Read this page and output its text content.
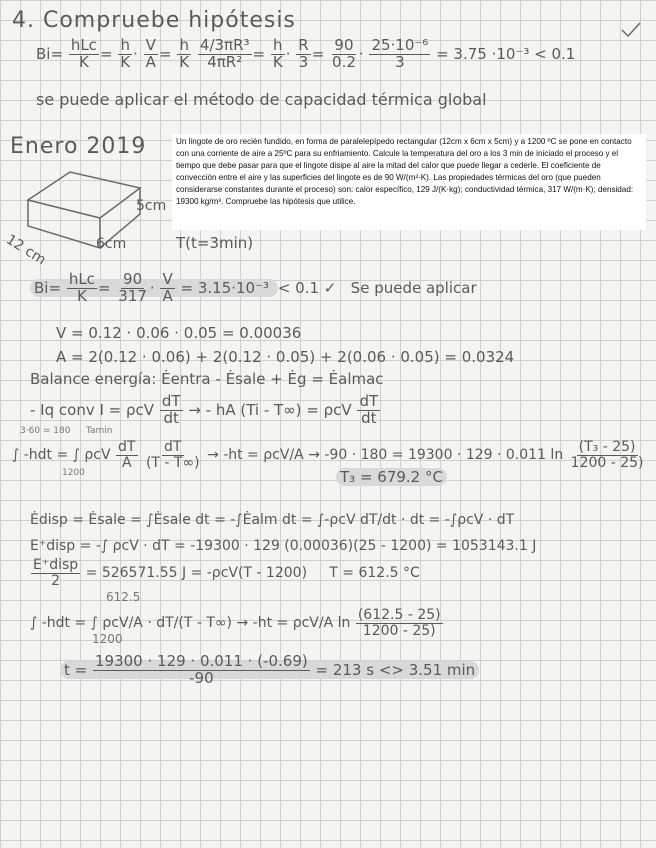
4. Compruebe hipótesis
$Bi= \frac{\text{hLc}}{K} = \frac{h}{K} \cdot \frac{V}{A} = \frac{h}{K}$
$\frac{\text{4/3πR³}}{\text{4πR²}} = \frac{h}{K} \cdot \frac{R}{3} = \frac{90}{0.2} \cdot \frac{\text{25·10⁻⁶}}{3} = 3.75 \cdot 10^{-3} < 0.1$
se puede aplicar el método de capacidad térmica global
Enero 2019	Un lingote de oro recién fundido, en forma de paralelepípedo rectangular (12cm x 6cm x 5cm) y a 1200 ºC se pone en contacto con una corriente de aire a 25ºC para su enfriamiento. Calcule la temperatura del oro a los 3 min de iniciado el proceso y el tiempo que debe pasar para que el lingote disipe al aire la mitad del calor que puede llegar a cederle. El coeficiente de convección entre el aire y las superficies del lingote es de 90 W/(m²·K). Las propiedades térmicas del oro (que pueden considerarse constantes durante el proceso) son: calor específico, 129 J/(K·kg); conductividad térmica, 317 W/(m·K); densidad: 19300 kg/m³. Compruebe las hipótesis que utilice.
5cm
6cm
12 cm	T(t=3min)
$Bi= \frac{\text{hLc}}{K} = \frac{90}{317} \cdot \frac{V}{A} = 3.15\cdot 10^{-3} < 0.1$ ✓ Se puede aplicar
V = 0.12 · 0.06 · 0.05 = 0.00036
A = 2(0.12 · 0.06) + 2(0.12 · 0.05) + 2(0.06 · 0.05) = 0.0324
Balance energía: Ėentra - Ėsale + Ėg = Ėalmac
- Iq conv I = ρcV $\frac{dT}{dt}$ → - hA (Ti - T∞) = ρcV $\frac{dT}{dt}$
3·60 = 180 Tamin
1200
∫ -hdt = ∫ ρcV $\frac{dT}{A}$
$\frac{dT}{(T - T\infty)} \to -ht = \rho cV/A \to -90 \cdot 180 = 19300 \cdot 129 \cdot 0.011$ $\ln \frac{\text{(T₃ - 25)}}{1200 - 25)}$
T₃ = 679.2 °C
Ėdisp = Ėsale = ∫Ėsale dt = -∫Ėalm dt = ∫-ρcV dT/dt · dt = -∫ρcV · dT
E⁺disp = -∫ ρcV · dT = -19300 · 129 (0.00036)(25 - 1200) = 1053143.1 J
$\frac{\text{E⁺disp}}{2} = 526571.55$ J = -ρcV(T - 1200) T = 612.5 °C
612.5
1200
∫ -hdt = ∫ ρcV/A · dT/(T - T∞) → -ht = ρcV/A $\ln \frac{(612.5 - 25)}{1200 - 25)}$
$t = \frac{19300 \cdot 129 \cdot 0.011 \cdot (-0.69)}{-90} = 213$ s <> 3.51 min
